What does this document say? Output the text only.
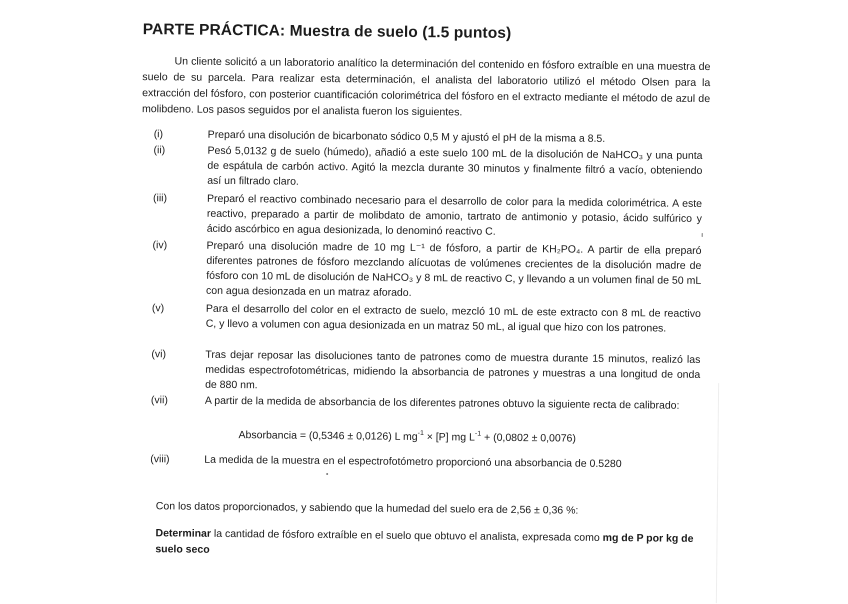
PARTE PRÁCTICA: Muestra de suelo (1.5 puntos)
Un cliente solicitó a un laboratorio analítico la determinación del contenido en fósforo extraíble en una muestra de suelo de su parcela. Para realizar esta determinación, el analista del laboratorio utilizó el método Olsen para la extracción del fósforo, con posterior cuantificación colorimétrica del fósforo en el extracto mediante el método de azul de molibdeno. Los pasos seguidos por el analista fueron los siguientes.
(i)	Preparó una disolución de bicarbonato sódico 0,5 M y ajustó el pH de la misma a 8.5.
(ii)	Pesó 5,0132 g de suelo (húmedo), añadió a este suelo 100 mL de la disolución de NaHCO₃ y una punta de espátula de carbón activo. Agitó la mezcla durante 30 minutos y finalmente filtró a vacío, obteniendo así un filtrado claro.
(iii)	Preparó el reactivo combinado necesario para el desarrollo de color para la medida colorimétrica. A este reactivo, preparado a partir de molibdato de amonio, tartrato de antimonio y potasio, ácido sulfúrico y ácido ascórbico en agua desionizada, lo denominó reactivo C.
(iv)	Preparó una disolución madre de 10 mg L⁻¹ de fósforo, a partir de KH₂PO₄. A partir de ella preparó diferentes patrones de fósforo mezclando alícuotas de volúmenes crecientes de la disolución madre de fósforo con 10 mL de disolución de NaHCO₃ y 8 mL de reactivo C, y llevando a un volumen final de 50 mL con agua desionzada en un matraz aforado.
(v)	Para el desarrollo del color en el extracto de suelo, mezcló 10 mL de este extracto con 8 mL de reactivo C, y llevo a volumen con agua desionizada en un matraz 50 mL, al igual que hizo con los patrones.
(vi)	Tras dejar reposar las disoluciones tanto de patrones como de muestra durante 15 minutos, realizó las medidas espectrofotométricas, midiendo la absorbancia de patrones y muestras a una longitud de onda de 880 nm.
(vii)	A partir de la medida de absorbancia de los diferentes patrones obtuvo la siguiente recta de calibrado:
(viii)	La medida de la muestra en el espectrofotómetro proporcionó una absorbancia de 0.5280
Absorbancia = (0,5346 ± 0,0126) L $mg^{-1} \times [P]$ mg $L^{-1} + (0,0802 \pm 0,0076)$
Con los datos proporcionados, y sabiendo que la humedad del suelo era de 2,56 ± 0,36 %:
Determinar la cantidad de fósforo extraíble en el suelo que obtuvo el analista, expresada como mg de P por kg de suelo seco
